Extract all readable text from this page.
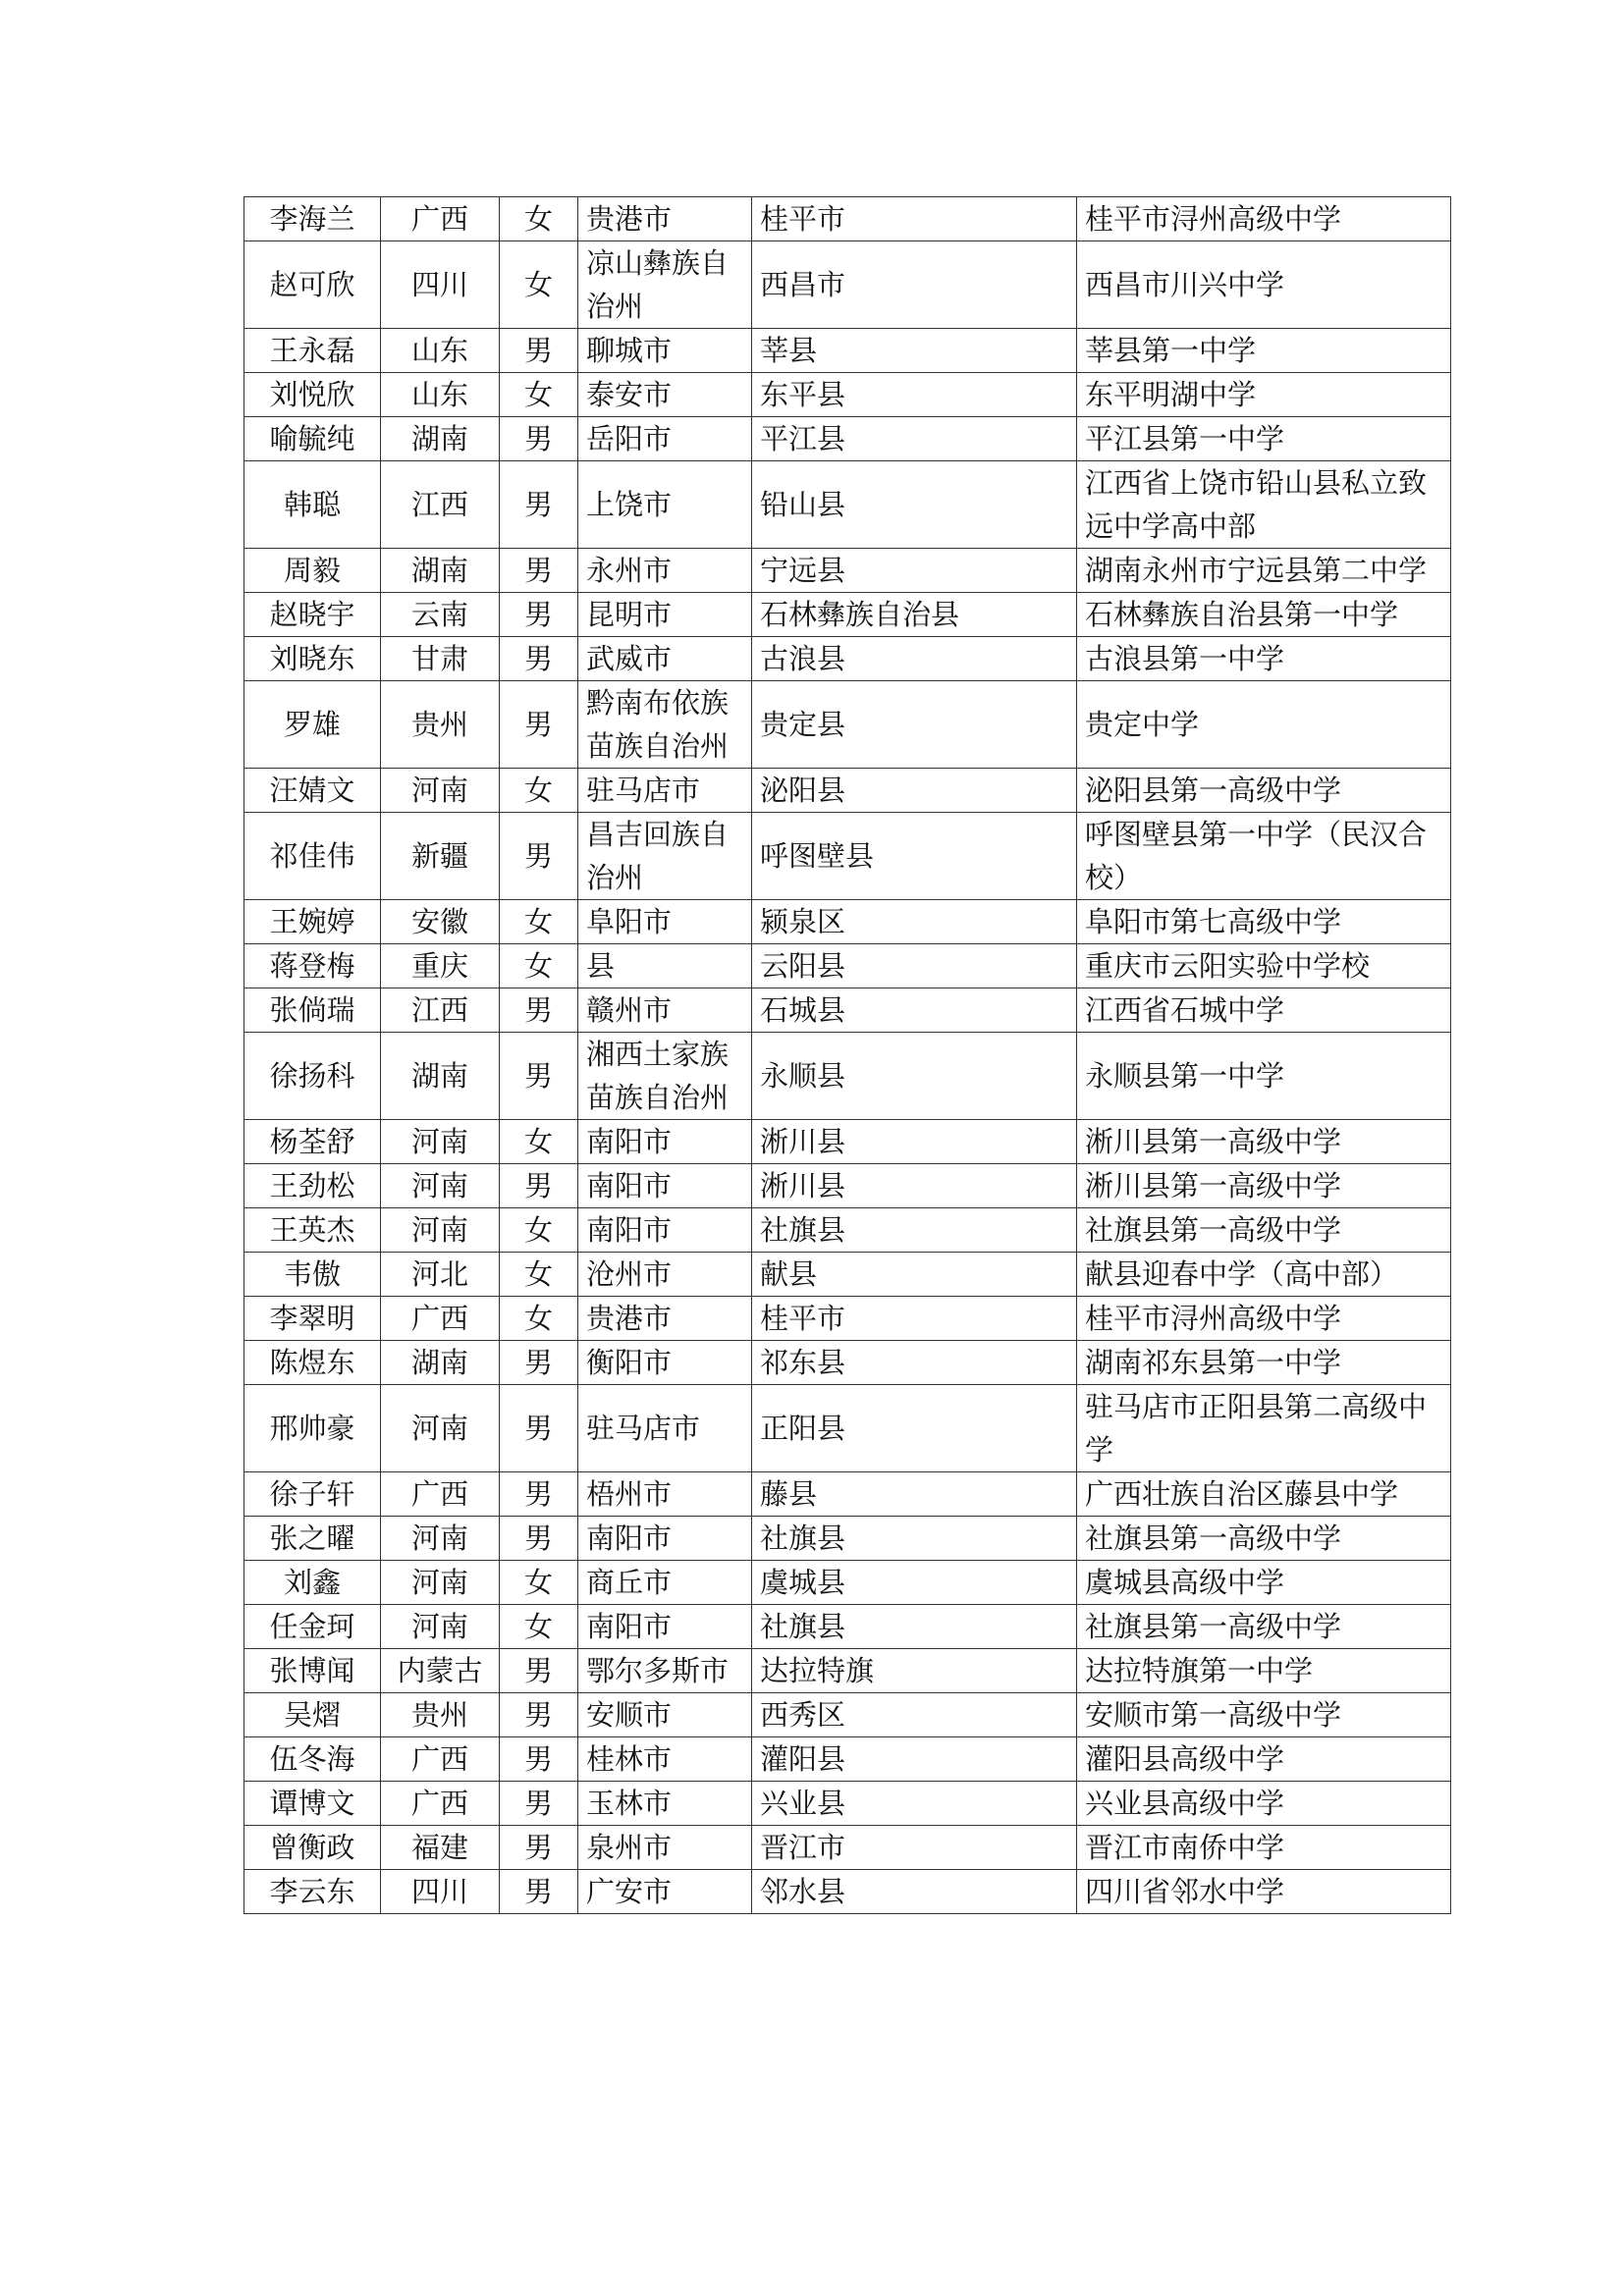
李海兰	广西	女	贵港市	桂平市	桂平市浔州高级中学
赵可欣	四川	女	凉山彝族自治州	西昌市	西昌市川兴中学
王永磊	山东	男	聊城市	莘县	莘县第一中学
刘悦欣	山东	女	泰安市	东平县	东平明湖中学
喻毓纯	湖南	男	岳阳市	平江县	平江县第一中学
韩聪	江西	男	上饶市	铅山县	江西省上饶市铅山县私立致远中学高中部
周毅	湖南	男	永州市	宁远县	湖南永州市宁远县第二中学
赵晓宇	云南	男	昆明市	石林彝族自治县	石林彝族自治县第一中学
刘晓东	甘肃	男	武威市	古浪县	古浪县第一中学
罗雄	贵州	男	黔南布依族苗族自治州	贵定县	贵定中学
汪婧文	河南	女	驻马店市	泌阳县	泌阳县第一高级中学
祁佳伟	新疆	男	昌吉回族自治州	呼图壁县	呼图壁县第一中学（民汉合校）
王婉婷	安徽	女	阜阳市	颍泉区	阜阳市第七高级中学
蒋登梅	重庆	女	县	云阳县	重庆市云阳实验中学校
张倘瑞	江西	男	赣州市	石城县	江西省石城中学
徐扬科	湖南	男	湘西土家族苗族自治州	永顺县	永顺县第一中学
杨荃舒	河南	女	南阳市	淅川县	淅川县第一高级中学
王劲松	河南	男	南阳市	淅川县	淅川县第一高级中学
王英杰	河南	女	南阳市	社旗县	社旗县第一高级中学
韦傲	河北	女	沧州市	献县	献县迎春中学（高中部）
李翠明	广西	女	贵港市	桂平市	桂平市浔州高级中学
陈煜东	湖南	男	衡阳市	祁东县	湖南祁东县第一中学
邢帅豪	河南	男	驻马店市	正阳县	驻马店市正阳县第二高级中学
徐子轩	广西	男	梧州市	藤县	广西壮族自治区藤县中学
张之曜	河南	男	南阳市	社旗县	社旗县第一高级中学
刘鑫	河南	女	商丘市	虞城县	虞城县高级中学
任金珂	河南	女	南阳市	社旗县	社旗县第一高级中学
张博闻	内蒙古	男	鄂尔多斯市	达拉特旗	达拉特旗第一中学
吴熠	贵州	男	安顺市	西秀区	安顺市第一高级中学
伍冬海	广西	男	桂林市	灌阳县	灌阳县高级中学
谭博文	广西	男	玉林市	兴业县	兴业县高级中学
曾衡政	福建	男	泉州市	晋江市	晋江市南侨中学
李云东	四川	男	广安市	邻水县	四川省邻水中学
